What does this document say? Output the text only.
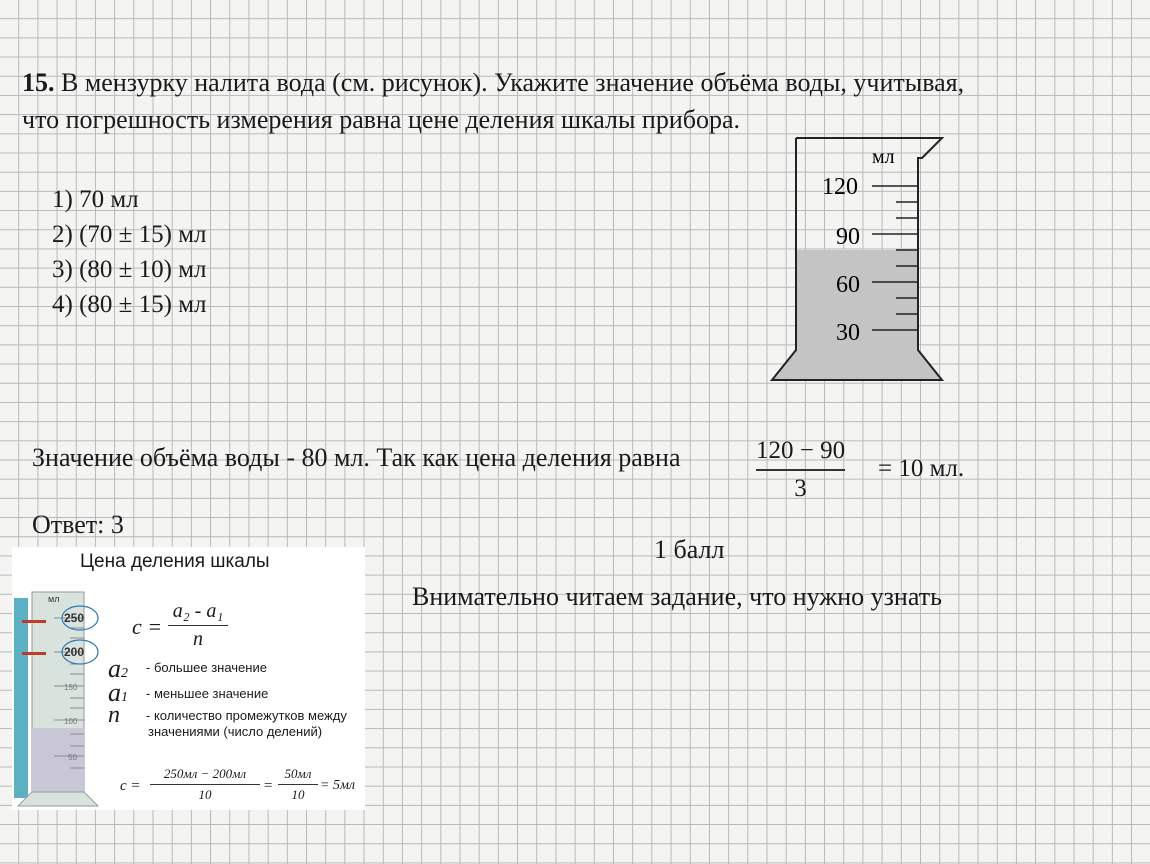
15. В мензурку налита вода (см. рисунок). Укажите значение объёма воды, учитывая,
что погрешность измерения равна цене деления шкалы прибора.
1) 70 мл
2) (70 ± 15) мл
3) (80 ± 10) мл
4) (80 ± 15) мл
мл
120
90
60
30
Значение объёма воды - 80 мл. Так как цена деления равна	120 − 90
3
= 10 мл.
Ответ: 3
1 балл
Внимательно читаем задание, что нужно узнать
Цена деления шкалы
мл
250
200
150
100
50
c =
a₂ - a₁
n
a2 - большее значение
a1 - меньшее значение
n - количество промежутков между
значениями (число делений)
c =
250мл − 200мл
10
=
50мл
10
= 5мл
